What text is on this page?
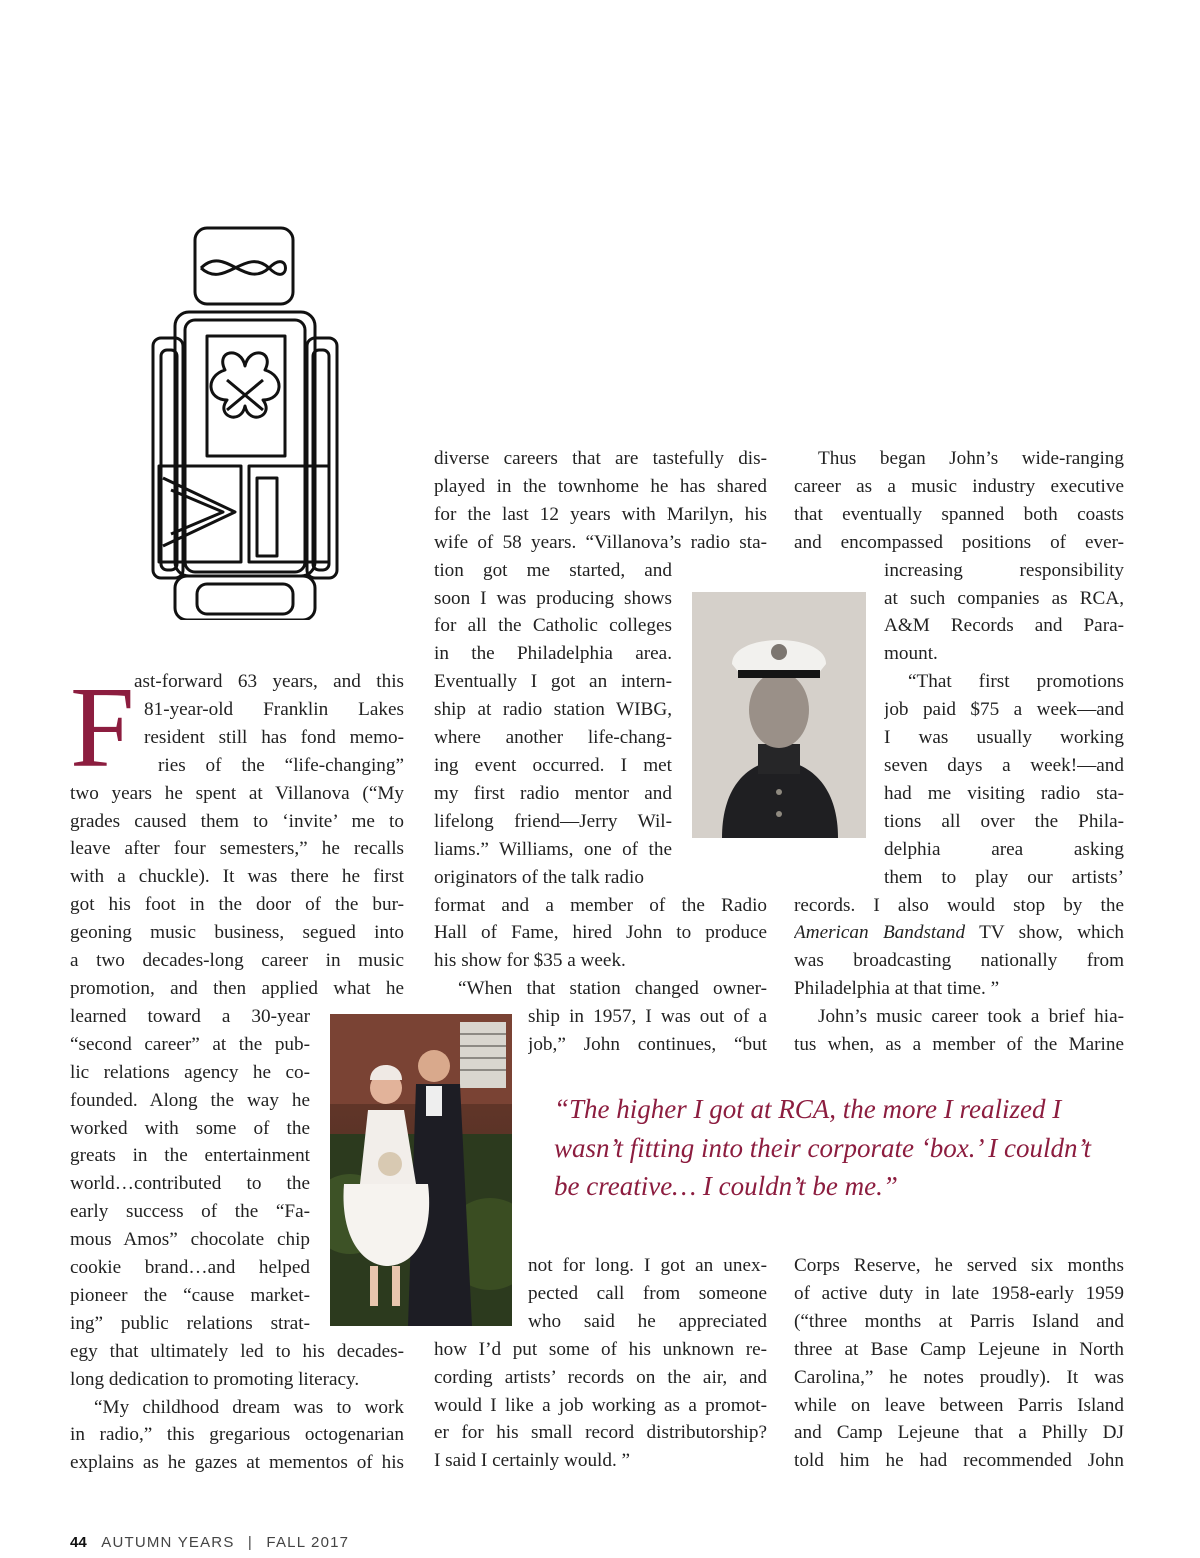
F ast-forward 63 years, and this
81-year-old Franklin Lakes
resident still has fond memo-
ries of the “life-changing”
two years he spent at Villanova (“My
grades caused them to ‘invite’ me to
leave after four semesters,” he recalls
with a chuckle). It was there he first
got his foot in the door of the bur-
geoning music business, segued into
a two decades-long career in music
promotion, and then applied what he
learned toward a 30-year
“second career” at the pub-
lic relations agency he co-
founded. Along the way he
worked with some of the
greats in the entertainment
world…contributed to the
early success of the “Fa-
mous Amos” chocolate chip
cookie brand…and helped
pioneer the “cause market-
ing” public relations strat-
egy that ultimately led to his decades-
long dedication to promoting literacy.
“My childhood dream was to work
in radio,” this gregarious octogenarian
explains as he gazes at mementos of his
diverse careers that are tastefully dis-
played in the townhome he has shared
for the last 12 years with Marilyn, his
wife of 58 years. “Villanova’s radio sta-
tion got me started, and
soon I was producing shows
for all the Catholic colleges
in the Philadelphia area.
Eventually I got an intern-
ship at radio station WIBG,
where another life-chang-
ing event occurred. I met
my first radio mentor and
lifelong friend—Jerry Wil-
liams.” Williams, one of the
originators of the talk radio
format and a member of the Radio
Hall of Fame, hired John to produce
his show for $35 a week.
“When that station changed owner-
ship in 1957, I was out of a
job,” John continues, “but
not for long. I got an unex-
pected call from someone
who said he appreciated
how I’d put some of his unknown re-
cording artists’ records on the air, and
would I like a job working as a promot-
er for his small record distributorship?
I said I certainly would. ”
Thus began John’s wide-ranging
career as a music industry executive
that eventually spanned both coasts
and encompassed positions of ever-
increasing responsibility
at such companies as RCA,
A&M Records and Para-
mount.
“That first promotions
job paid $75 a week—and
I was usually working
seven days a week!—and
had me visiting radio sta-
tions all over the Phila-
delphia area asking
them to play our artists’
records. I also would stop by the
American Bandstand TV show, which
was broadcasting nationally from
Philadelphia at that time. ”
John’s music career took a brief hia-
tus when, as a member of the Marine
Corps Reserve, he served six months
of active duty in late 1958-early 1959
(“three months at Parris Island and
three at Base Camp Lejeune in North
Carolina,” he notes proudly). It was
while on leave between Parris Island
and Camp Lejeune that a Philly DJ
told him he had recommended John
“The higher I got at RCA, the more I realized I
wasn’t fitting into their corporate ‘box.’ I couldn’t
be creative… I couldn’t be me.”
44 AUTUMN YEARS | FALL 2017
